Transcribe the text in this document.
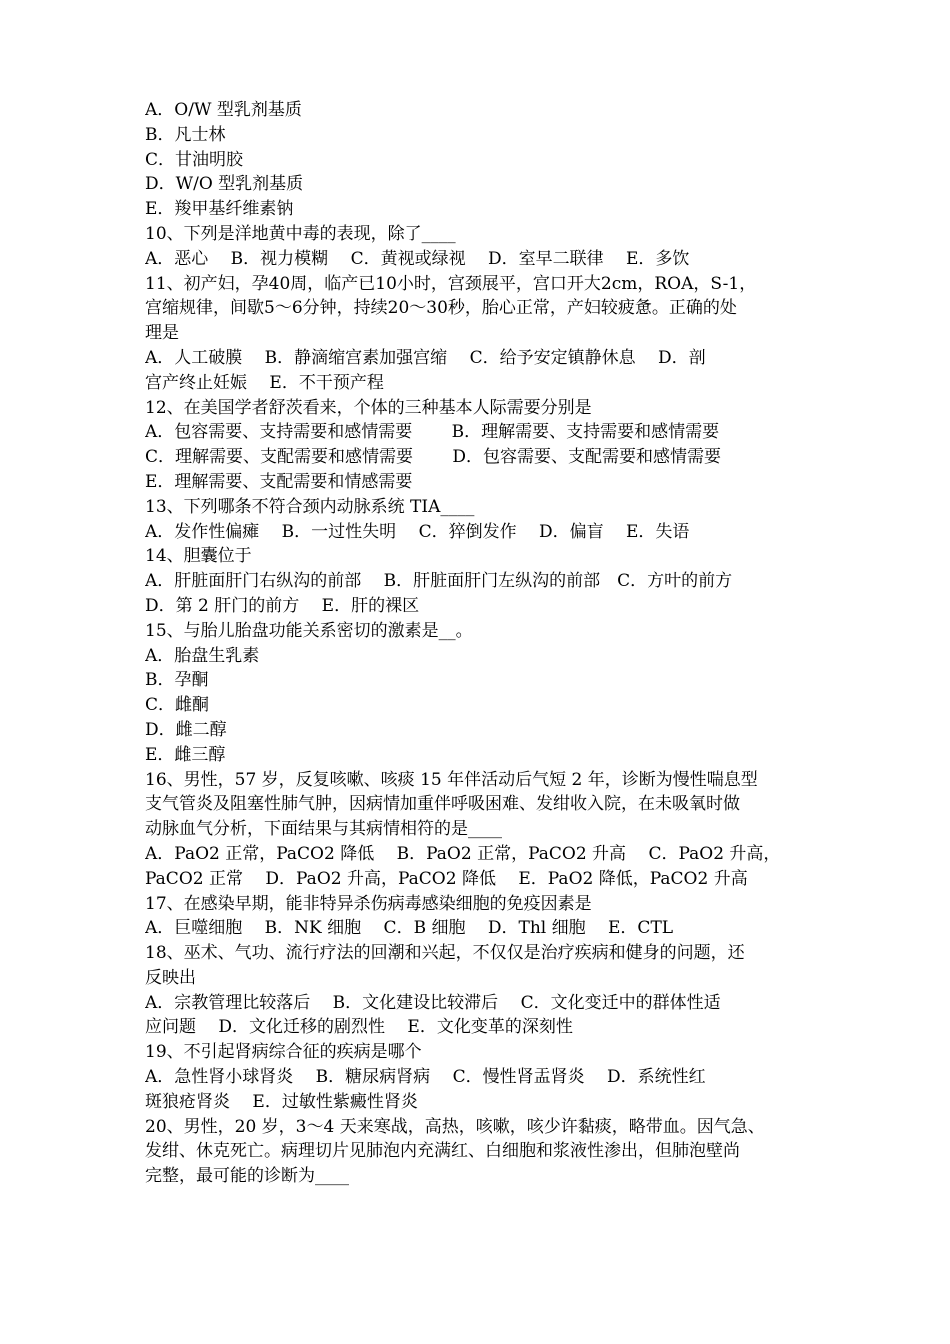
A．O/W 型乳剂基质
B．凡士林
C．甘油明胶
D．W/O 型乳剂基质
E．羧甲基纤维素钠
10、下列是洋地黄中毒的表现，除了____
A．恶心　 B．视力模糊　 C．黄视或绿视　 D．室早二联律　 E．多饮
11、初产妇，孕40周，临产已10小时，宫颈展平，宫口开大2cm，ROA，S-1，
宫缩规律，间歇5～6分钟，持续20～30秒，胎心正常，产妇较疲惫。正确的处
理是
A．人工破膜　 B．静滴缩宫素加强宫缩　 C．给予安定镇静休息　 D．剖
宫产终止妊娠　 E．不干预产程
12、在美国学者舒茨看来，个体的三种基本人际需要分别是
A．包容需要、支持需要和感情需要　　 B．理解需要、支持需要和感情需要
C．理解需要、支配需要和感情需要　　 D．包容需要、支配需要和感情需要
E．理解需要、支配需要和情感需要
13、下列哪条不符合颈内动脉系统 TIA____
A．发作性偏瘫　 B．一过性失明　 C．猝倒发作　 D．偏盲　 E．失语
14、胆囊位于
A．肝脏面肝门右纵沟的前部　 B．肝脏面肝门左纵沟的前部　C．方叶的前方
D．第 2 肝门的前方　 E．肝的裸区
15、与胎儿胎盘功能关系密切的激素是__。
A．胎盘生乳素
B．孕酮
C．雌酮
D．雌二醇
E．雌三醇
16、男性，57 岁，反复咳嗽、咳痰 15 年伴活动后气短 2 年，诊断为慢性喘息型
支气管炎及阻塞性肺气肿，因病情加重伴呼吸困难、发绀收入院，在未吸氧时做
动脉血气分析，下面结果与其病情相符的是____
A．PaO2 正常，PaCO2 降低　 B．PaO2 正常，PaCO2 升高　 C．PaO2 升高，
PaCO2 正常　 D．PaO2 升高，PaCO2 降低　 E．PaO2 降低，PaCO2 升高
17、在感染早期，能非特异杀伤病毒感染细胞的免疫因素是
A．巨噬细胞　 B．NK 细胞　 C．B 细胞　 D．Thl 细胞　 E．CTL
18、巫术、气功、流行疗法的回潮和兴起，不仅仅是治疗疾病和健身的问题，还
反映出
A．宗教管理比较落后　 B．文化建设比较滞后　 C．文化变迁中的群体性适
应问题　 D．文化迁移的剧烈性　 E．文化变革的深刻性
19、不引起肾病综合征的疾病是哪个
A．急性肾小球肾炎　 B．糖尿病肾病　 C．慢性肾盂肾炎　 D．系统性红
斑狼疮肾炎　 E．过敏性紫癜性肾炎
20、男性，20 岁，3～4 天来寒战，高热，咳嗽，咳少许黏痰，略带血。因气急、
发绀、休克死亡。病理切片见肺泡内充满红、白细胞和浆液性渗出，但肺泡壁尚
完整，最可能的诊断为____
